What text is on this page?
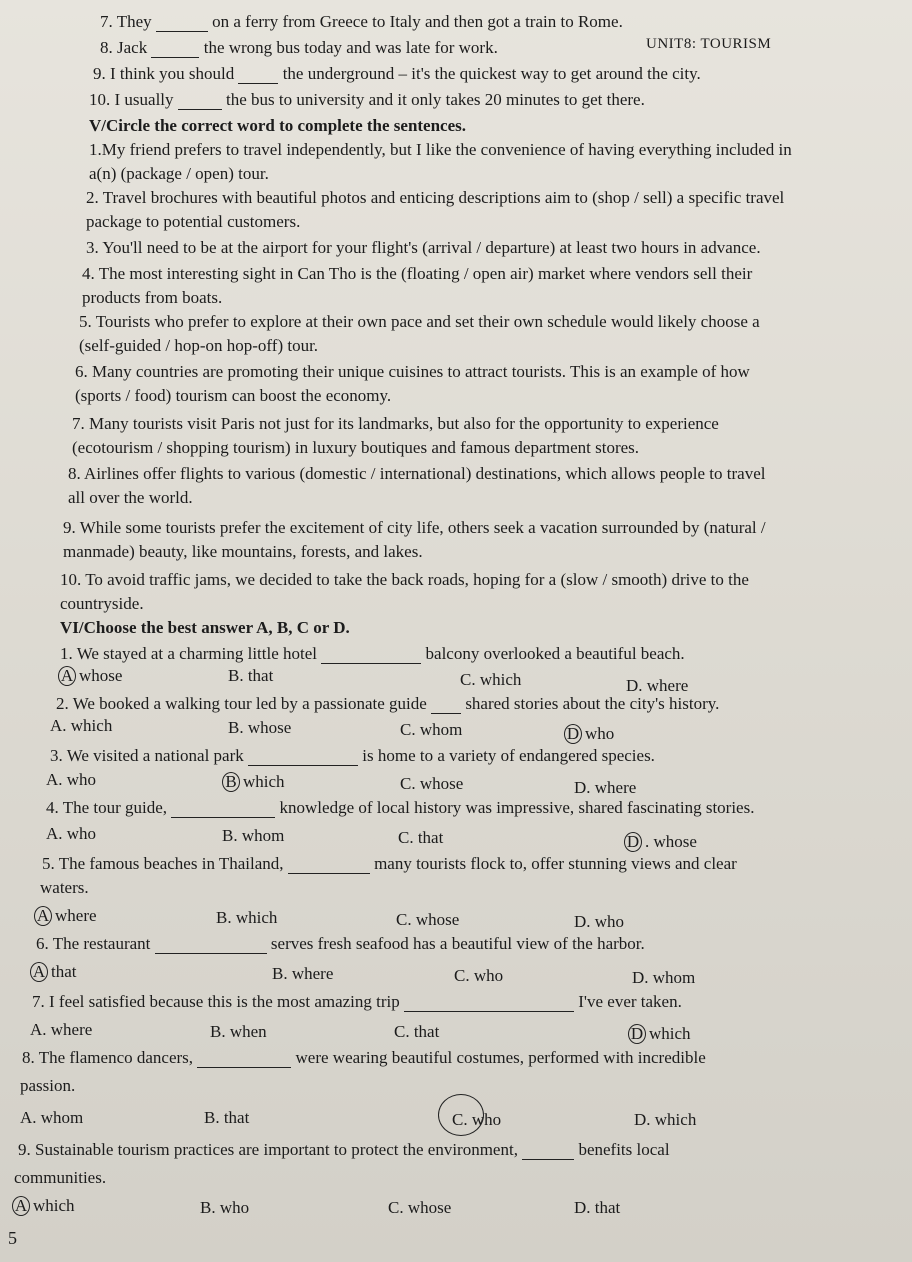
UNIT8: TOURISM
7. They	on a ferry from Greece to Italy and then got a train to Rome.
8. Jack	the wrong bus today and was late for work.
9. I think you should	the underground – it's the quickest way to get around the city.
10. I usually	the bus to university and it only takes 20 minutes to get there.
V/Circle the correct word to complete the sentences.
1.My friend prefers to travel independently, but I like the convenience of having everything included in
a(n) (package / open) tour.
2. Travel brochures with beautiful photos and enticing descriptions aim to (shop / sell) a specific travel
package to potential customers.
3. You'll need to be at the airport for your flight's (arrival / departure) at least two hours in advance.
4. The most interesting sight in Can Tho is the (floating / open air) market where vendors sell their
products from boats.
5. Tourists who prefer to explore at their own pace and set their own schedule would likely choose a
(self-guided / hop-on hop-off) tour.
6. Many countries are promoting their unique cuisines to attract tourists. This is an example of how
(sports / food) tourism can boost the economy.
7. Many tourists visit Paris not just for its landmarks, but also for the opportunity to experience
(ecotourism / shopping tourism) in luxury boutiques and famous department stores.
8. Airlines offer flights to various (domestic / international) destinations, which allows people to travel
all over the world.
9. While some tourists prefer the excitement of city life, others seek a vacation surrounded by (natural /
manmade) beauty, like mountains, forests, and lakes.
10. To avoid traffic jams, we decided to take the back roads, hoping for a (slow / smooth) drive to the
countryside.
VI/Choose the best answer A, B, C or D.
1. We stayed at a charming little hotel	balcony overlooked a beautiful beach.
A whose	B. that	C. which	D. where
2. We booked a walking tour led by a passionate guide shared stories about the city's history.
A. which	B. whose	C. whom	D who
3. We visited a national park	is home to a variety of endangered species.
A. who	B which	C. whose	D. where
4. The tour guide,	knowledge of local history was impressive, shared fascinating stories.
A. who	B. whom	C. that	D . whose
5. The famous beaches in Thailand,	many tourists flock to, offer stunning views and clear
waters.
A where	B. which	C. whose	D. who
6. The restaurant	serves fresh seafood has a beautiful view of the harbor.
A that	B. where	C. who	D. whom
7. I feel satisfied because this is the most amazing trip	I've ever taken.
A. where	B. when	C. that	D which
8. The flamenco dancers,	were wearing beautiful costumes, performed with incredible
passion.
A. whom	B. that	C. who	D. which
9. Sustainable tourism practices are important to protect the environment,	benefits local
communities.
A which	B. who	C. whose	D. that
5
